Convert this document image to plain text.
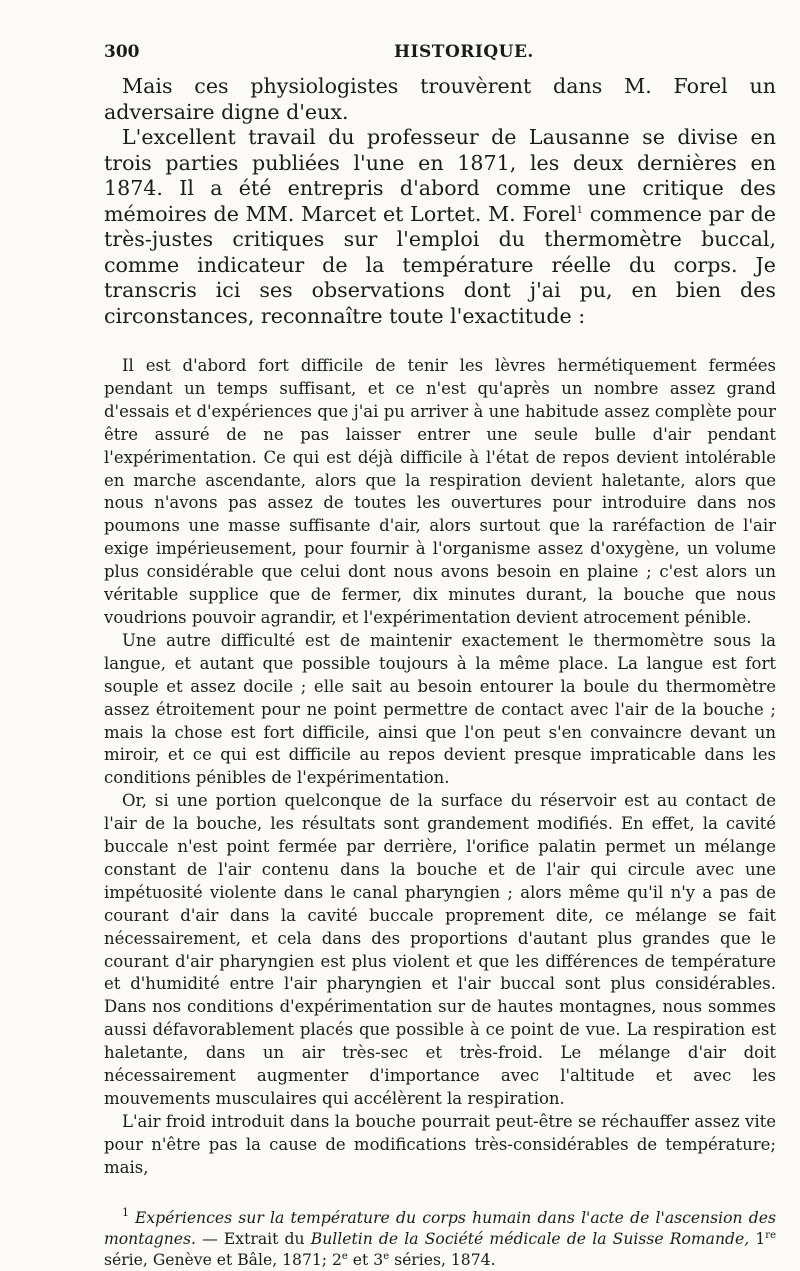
300	HISTORIQUE.

Mais ces physiologistes trouvèrent dans M. Forel un adversaire digne d'eux.

L'excellent travail du professeur de Lausanne se divise en trois parties publiées l'une en 1871, les deux dernières en 1874. Il a été entrepris d'abord comme une critique des mémoires de MM. Marcet et Lortet. M. Forel$^1$ commence par de très-justes critiques sur l'emploi du thermomètre buccal, comme indicateur de la température réelle du corps. Je transcris ici ses observations dont j'ai pu, en bien des circonstances, reconnaître toute l'exactitude :

Il est d'abord fort difficile de tenir les lèvres hermétiquement fermées pendant un temps suffisant, et ce n'est qu'après un nombre assez grand d'essais et d'expériences que j'ai pu arriver à une habitude assez complète pour être assuré de ne pas laisser entrer une seule bulle d'air pendant l'expérimentation. Ce qui est déjà difficile à l'état de repos devient intolérable en marche ascendante, alors que la respiration devient haletante, alors que nous n'avons pas assez de toutes les ouvertures pour introduire dans nos poumons une masse suffisante d'air, alors surtout que la raréfaction de l'air exige impérieusement, pour fournir à l'organisme assez d'oxygène, un volume plus considérable que celui dont nous avons besoin en plaine ; c'est alors un véritable supplice que de fermer, dix minutes durant, la bouche que nous voudrions pouvoir agrandir, et l'expérimentation devient atrocement pénible.

Une autre difficulté est de maintenir exactement le thermomètre sous la langue, et autant que possible toujours à la même place. La langue est fort souple et assez docile ; elle sait au besoin entourer la boule du thermomètre assez étroitement pour ne point permettre de contact avec l'air de la bouche ; mais la chose est fort difficile, ainsi que l'on peut s'en convaincre devant un miroir, et ce qui est difficile au repos devient presque impraticable dans les conditions pénibles de l'expérimentation.

Or, si une portion quelconque de la surface du réservoir est au contact de l'air de la bouche, les résultats sont grandement modifiés. En effet, la cavité buccale n'est point fermée par derrière, l'orifice palatin permet un mélange constant de l'air contenu dans la bouche et de l'air qui circule avec une impétuosité violente dans le canal pharyngien ; alors même qu'il n'y a pas de courant d'air dans la cavité buccale proprement dite, ce mélange se fait nécessairement, et cela dans des proportions d'autant plus grandes que le courant d'air pharyngien est plus violent et que les différences de température et d'humidité entre l'air pharyngien et l'air buccal sont plus considérables. Dans nos conditions d'expérimentation sur de hautes montagnes, nous sommes aussi défavorablement placés que possible à ce point de vue. La respiration est haletante, dans un air très-sec et très-froid. Le mélange d'air doit nécessairement augmenter d'importance avec l'altitude et avec les mouvements musculaires qui accélèrent la respiration.

L'air froid introduit dans la bouche pourrait peut-être se réchauffer assez vite pour n'être pas la cause de modifications très-considérables de température; mais,

$^1$ Expériences sur la température du corps humain dans l'acte de l'ascension des montagnes. — Extrait du Bulletin de la Société médicale de la Suisse Romande, 1re série, Genève et Bâle, 1871; 2e et 3e séries, 1874.
